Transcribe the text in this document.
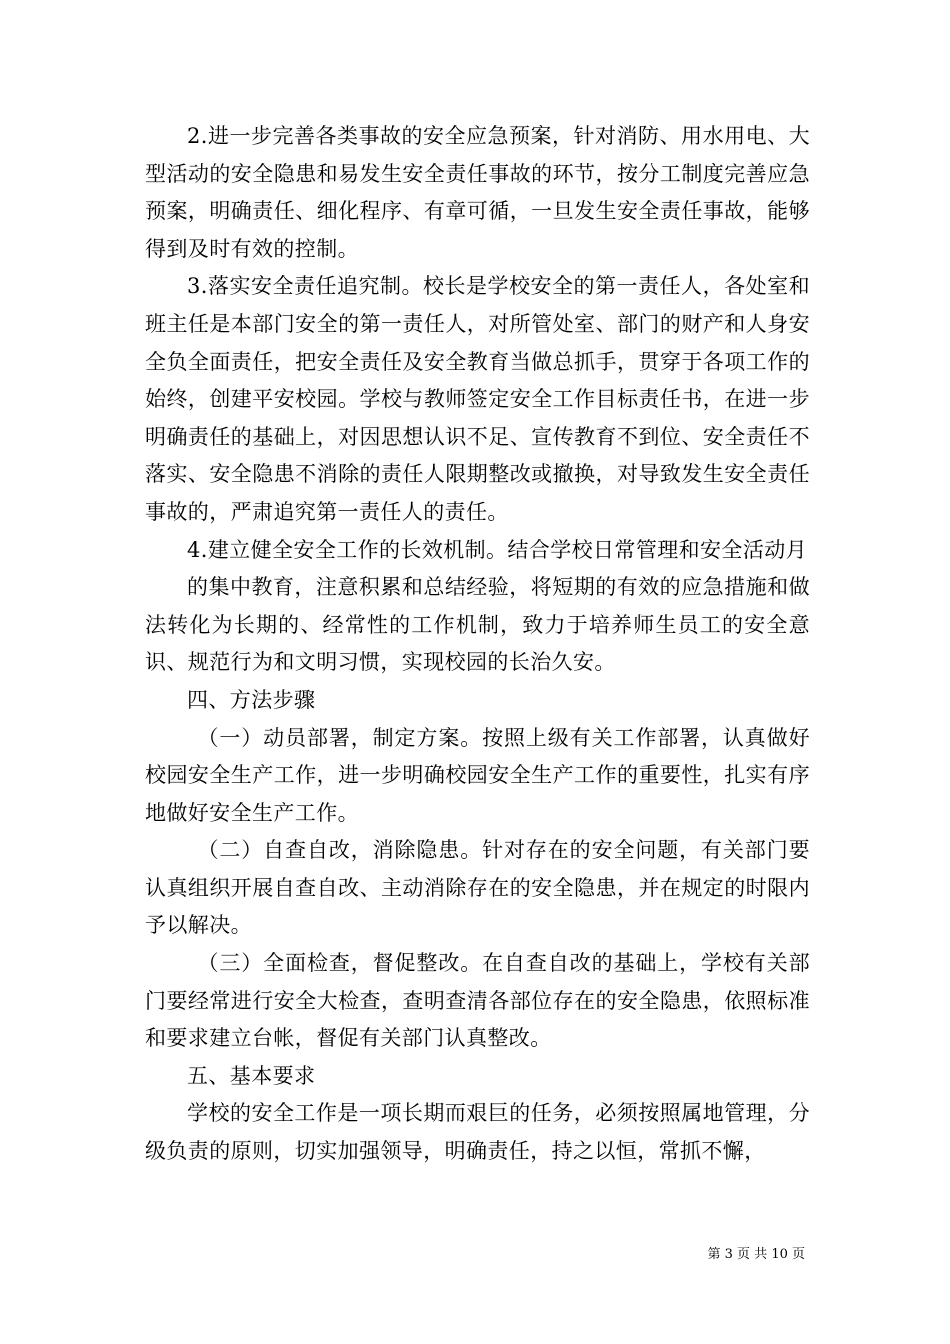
2.进一步完善各类事故的安全应急预案，针对消防、用水用电、大型活动的安全隐患和易发生安全责任事故的环节，按分工制度完善应急预案，明确责任、细化程序、有章可循，一旦发生安全责任事故，能够得到及时有效的控制。

3.落实安全责任追究制。校长是学校安全的第一责任人，各处室和班主任是本部门安全的第一责任人，对所管处室、部门的财产和人身安全负全面责任，把安全责任及安全教育当做总抓手，贯穿于各项工作的始终，创建平安校园。学校与教师签定安全工作目标责任书，在进一步明确责任的基础上，对因思想认识不足、宣传教育不到位、安全责任不落实、安全隐患不消除的责任人限期整改或撤换，对导致发生安全责任事故的，严肃追究第一责任人的责任。

4.建立健全安全工作的长效机制。结合学校日常管理和安全活动月

的集中教育，注意积累和总结经验，将短期的有效的应急措施和做法转化为长期的、经常性的工作机制，致力于培养师生员工的安全意识、规范行为和文明习惯，实现校园的长治久安。

四、方法步骤

（一）动员部署，制定方案。按照上级有关工作部署，认真做好校园安全生产工作，进一步明确校园安全生产工作的重要性，扎实有序地做好安全生产工作。

（二）自查自改，消除隐患。针对存在的安全问题，有关部门要认真组织开展自查自改、主动消除存在的安全隐患，并在规定的时限内予以解决。

（三）全面检查，督促整改。在自查自改的基础上，学校有关部门要经常进行安全大检查，查明查清各部位存在的安全隐患，依照标准和要求建立台帐，督促有关部门认真整改。

五、基本要求

学校的安全工作是一项长期而艰巨的任务，必须按照属地管理，分级负责的原则，切实加强领导，明确责任，持之以恒，常抓不懈，

第 3 页 共 10 页
